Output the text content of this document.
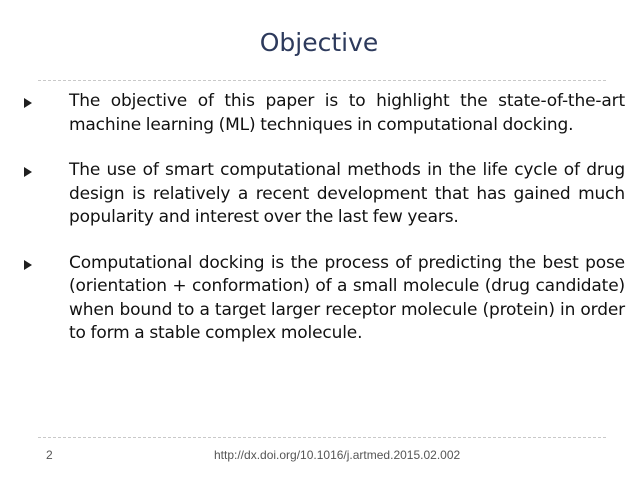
Objective
The objective of this paper is to highlight the state-of-the-art machine learning (ML) techniques in computational docking.
The use of smart computational methods in the life cycle of drug design is relatively a recent development that has gained much popularity and interest over the last few years.
Computational docking is the process of predicting the best pose (orientation + conformation) of a small molecule (drug candidate) when bound to a target larger receptor molecule (protein) in order to form a stable complex molecule.
2	http://dx.doi.org/10.1016/j.artmed.2015.02.002
